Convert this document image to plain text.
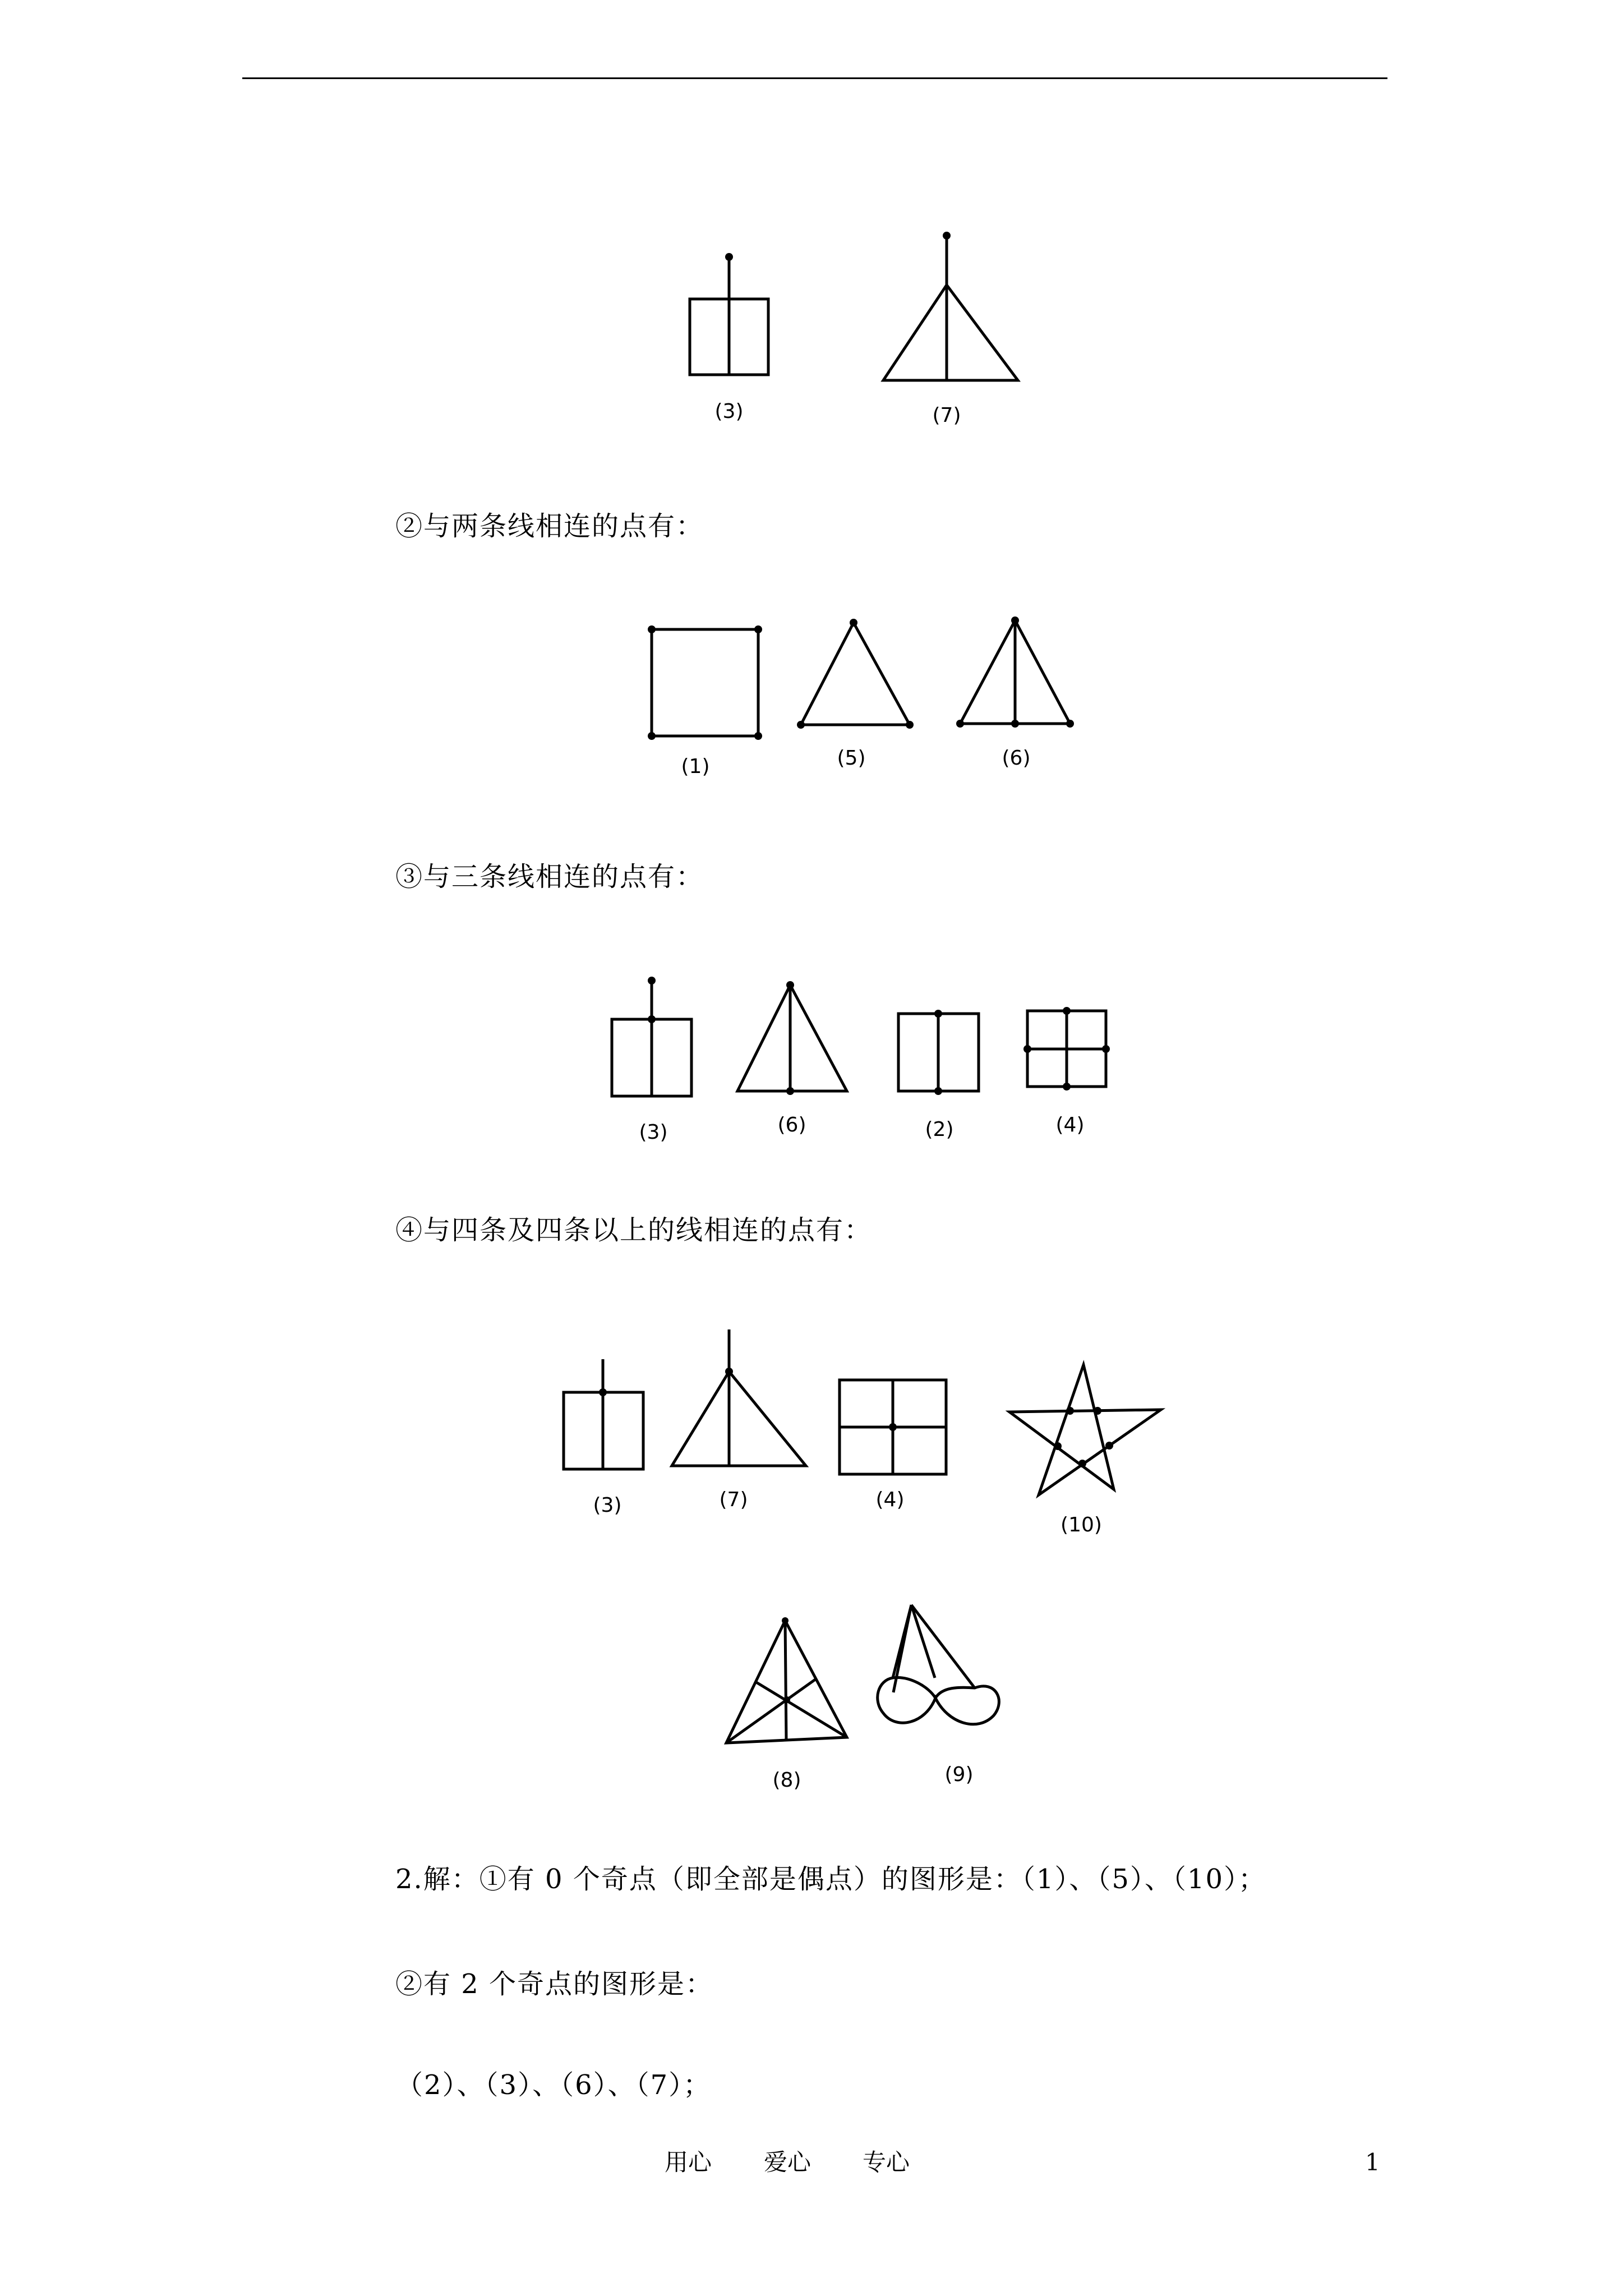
(3)	(7)
②与两条线相连的点有：
(1)	(5)	(6)
③与三条线相连的点有：
(3)	(6)	(2)	(4)
④与四条及四条以上的线相连的点有：
(3)	(7)	(4)
(10)
(8)	(9)
2.解：①有 0 个奇点（即全部是偶点）的图形是：（1）、（5）、（10）；
②有 2 个奇点的图形是：
（2）、（3）、（6）、（7）；
用心 爱心 专心	1
